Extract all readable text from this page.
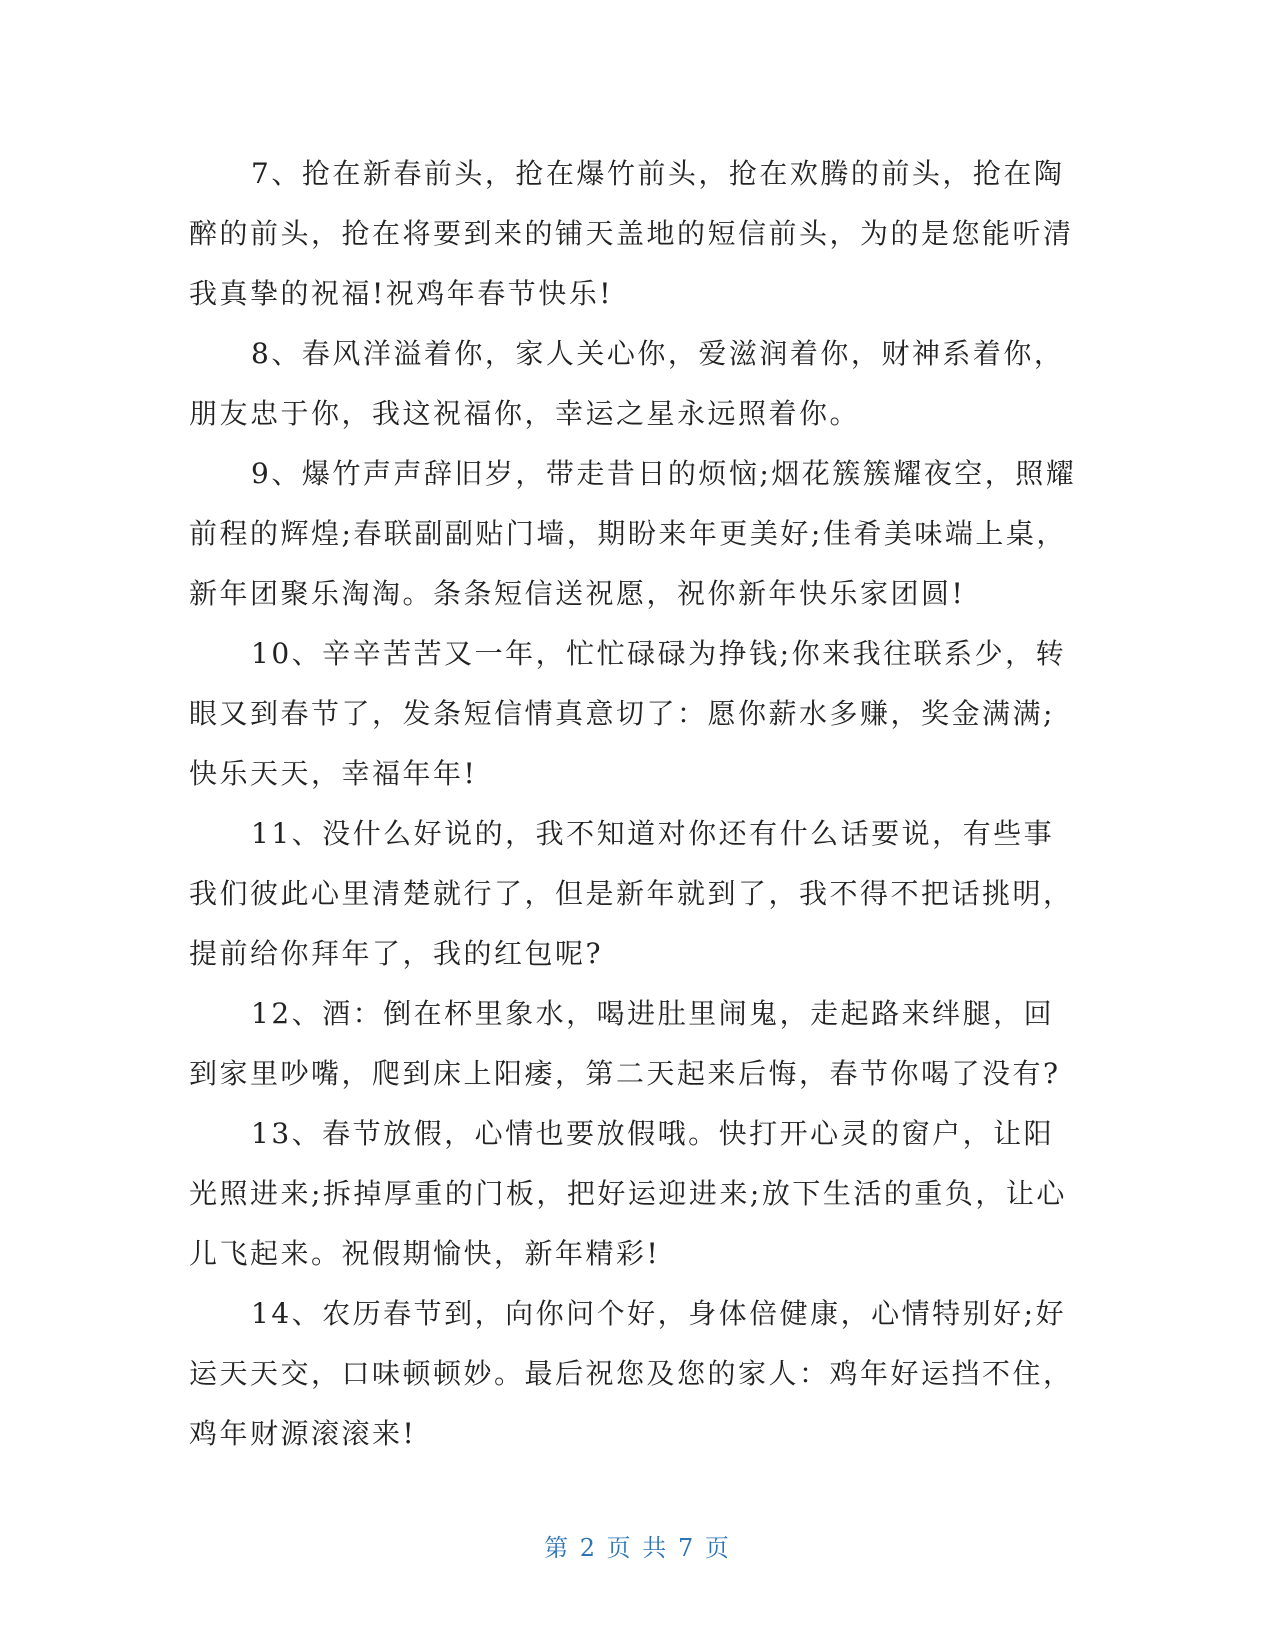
7、抢在新春前头，抢在爆竹前头，抢在欢腾的前头，抢在陶醉的前头，抢在将要到来的铺天盖地的短信前头，为的是您能听清我真挚的祝福!祝鸡年春节快乐!

8、春风洋溢着你，家人关心你，爱滋润着你，财神系着你，朋友忠于你，我这祝福你，幸运之星永远照着你。

9、爆竹声声辞旧岁，带走昔日的烦恼;烟花簇簇耀夜空，照耀前程的辉煌;春联副副贴门墙，期盼来年更美好;佳肴美味端上桌，新年团聚乐淘淘。条条短信送祝愿，祝你新年快乐家团圆!

10、辛辛苦苦又一年，忙忙碌碌为挣钱;你来我往联系少，转眼又到春节了，发条短信情真意切了：愿你薪水多赚，奖金满满;快乐天天，幸福年年!

11、没什么好说的，我不知道对你还有什么话要说，有些事我们彼此心里清楚就行了，但是新年就到了，我不得不把话挑明，提前给你拜年了，我的红包呢?

12、酒：倒在杯里象水，喝进肚里闹鬼，走起路来绊腿，回到家里吵嘴，爬到床上阳痿，第二天起来后悔，春节你喝了没有?

13、春节放假，心情也要放假哦。快打开心灵的窗户，让阳光照进来;拆掉厚重的门板，把好运迎进来;放下生活的重负，让心儿飞起来。祝假期愉快，新年精彩!

14、农历春节到，向你问个好，身体倍健康，心情特别好;好运天天交，口味顿顿妙。最后祝您及您的家人：鸡年好运挡不住，鸡年财源滚滚来!

第 2 页 共 7 页
